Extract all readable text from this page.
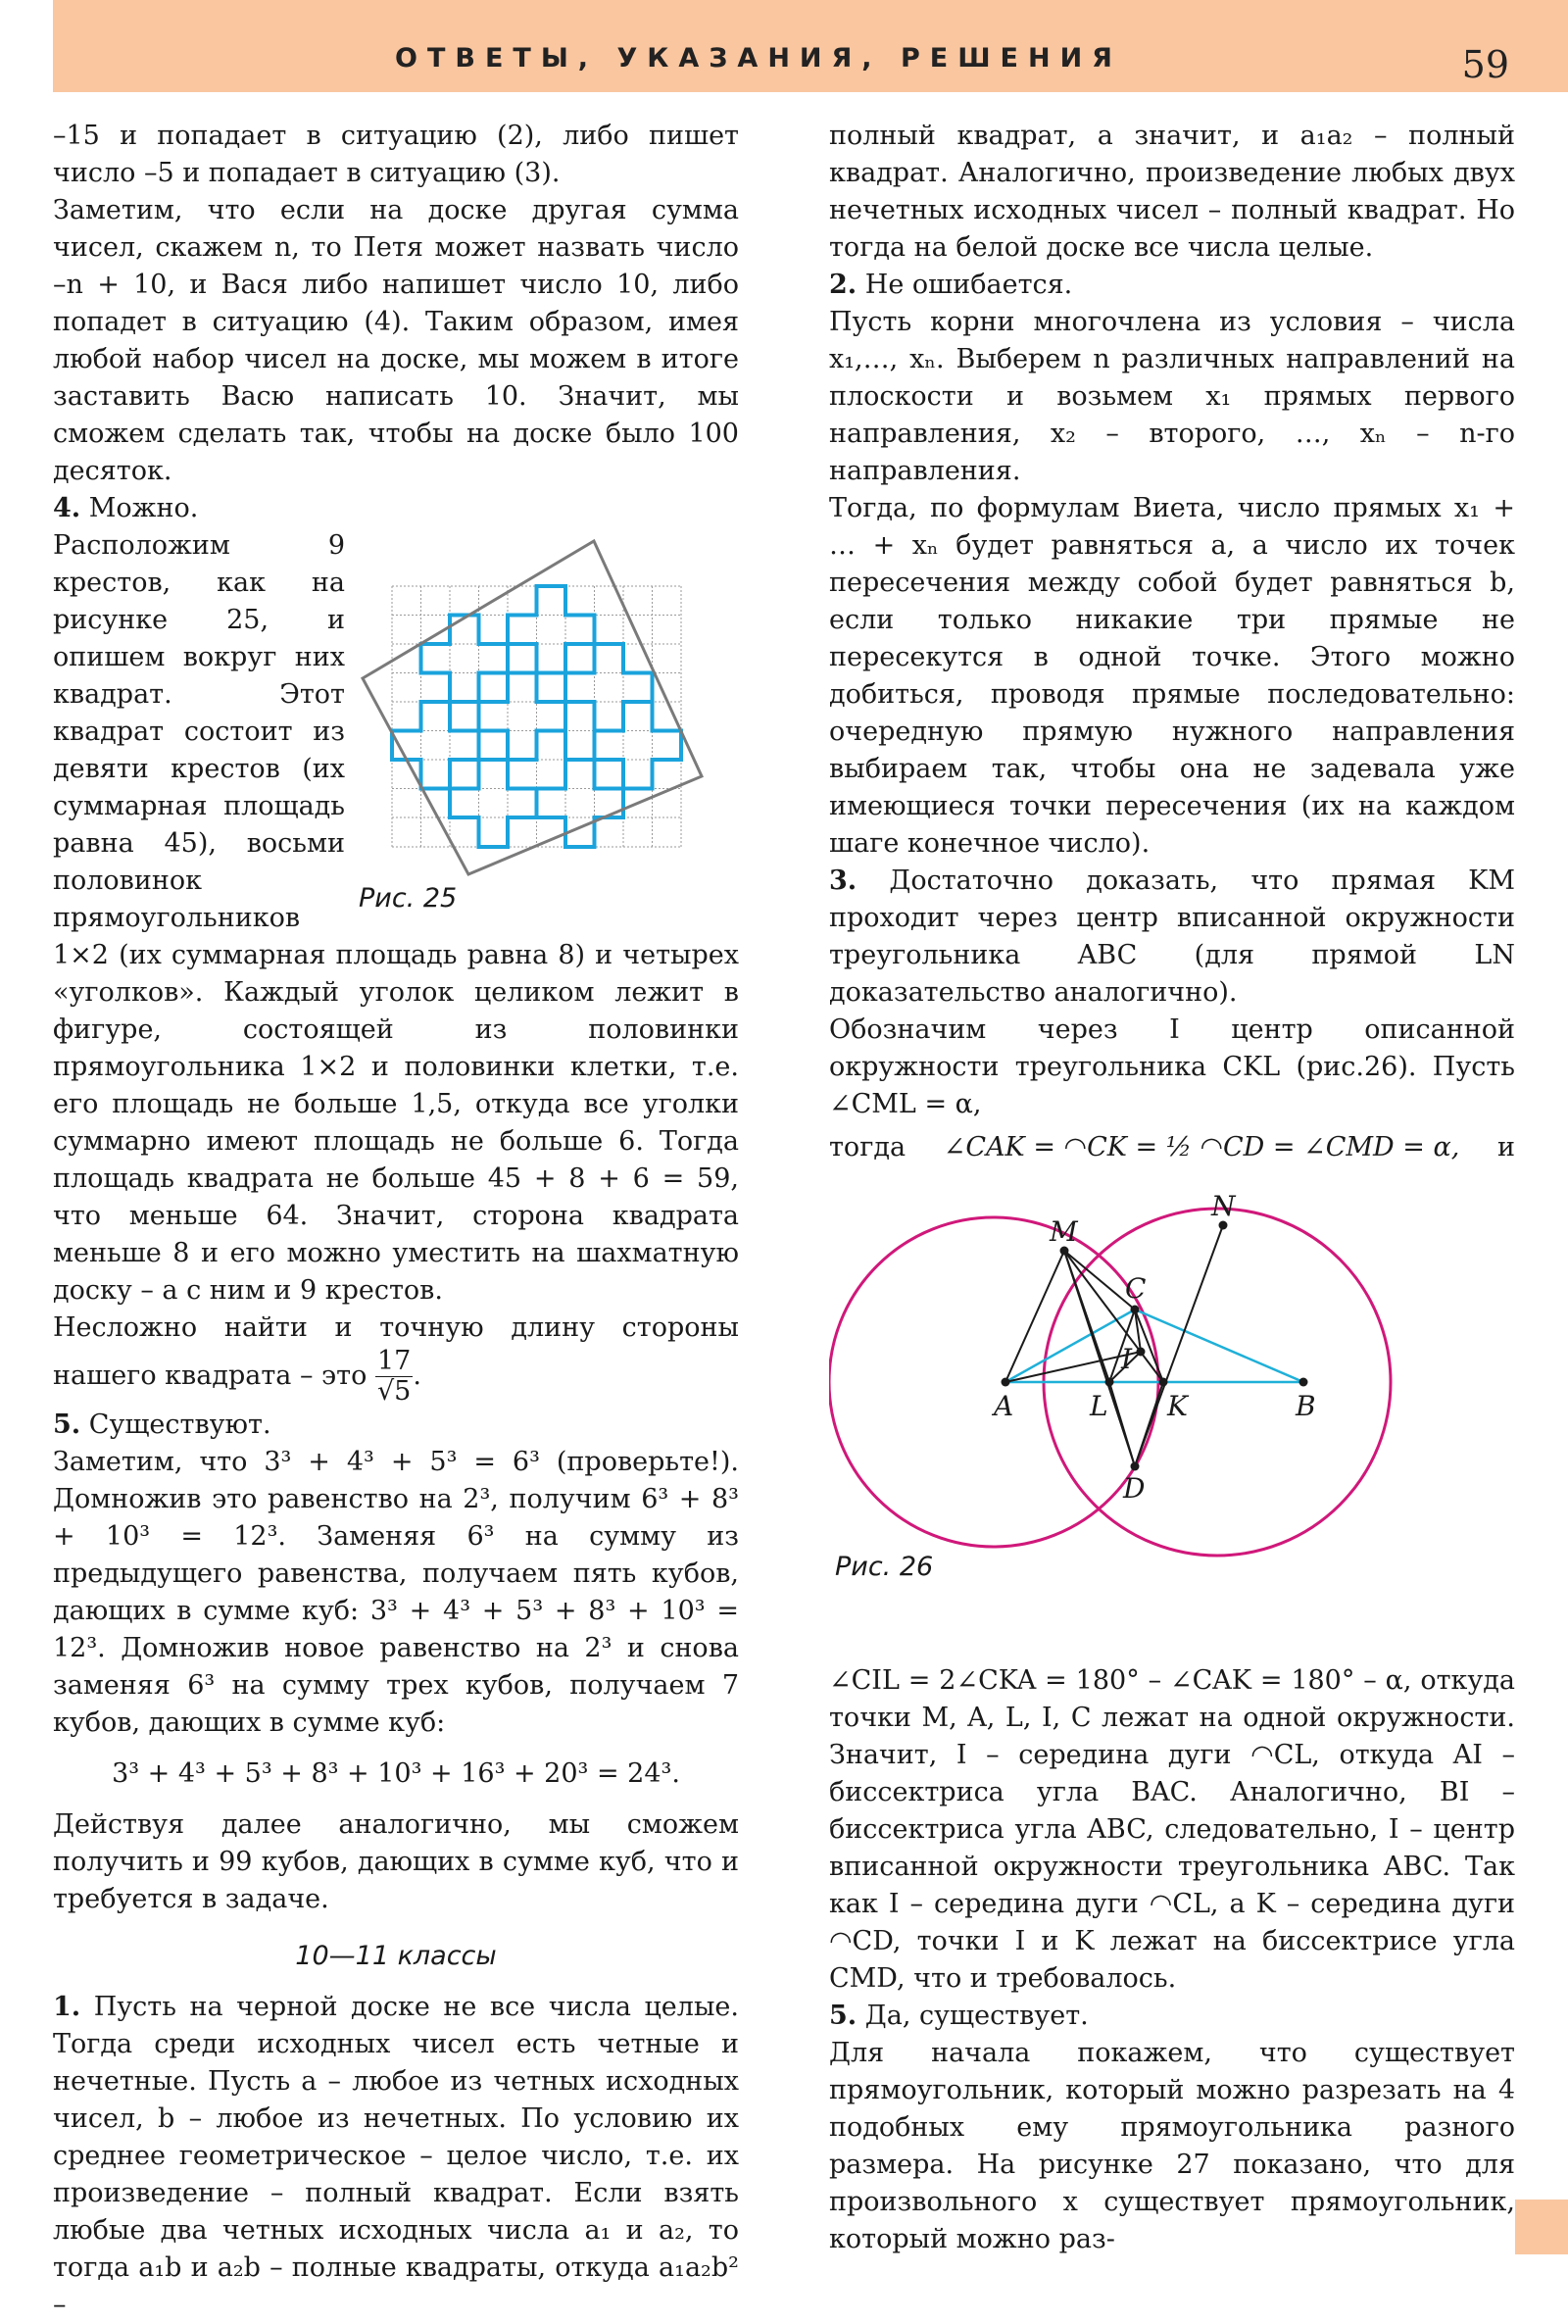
ОТВЕТЫ, УКАЗАНИЯ, РЕШЕНИЯ	59

–15 и попадает в ситуацию (2), либо пишет число –5 и попадает в ситуацию (3).

Заметим, что если на доске другая сумма чисел, скажем n, то Петя может назвать число –n + 10, и Вася либо напишет число 10, либо попадет в ситуацию (4). Таким образом, имея любой набор чисел на доске, мы можем в итоге заставить Васю написать 10. Значит, мы сможем сделать так, чтобы на доске было 100 десяток.

4. Можно.

Рис. 25
Расположим 9 крестов, как на рисунке 25, и опишем вокруг них квадрат. Этот квадрат состоит из девяти крестов (их суммарная площадь равна 45), восьми половинок прямоугольников 1×2 (их суммарная площадь равна 8) и четырех «уголков». Каждый уголок целиком лежит в фигуре, состоящей из половинки прямоугольника 1×2 и половинки клетки, т.е. его площадь не больше 1,5, откуда все уголки суммарно имеют площадь не больше 6. Тогда площадь квадрата не больше 45 + 8 + 6 = 59, что меньше 64. Значит, сторона квадрата меньше 8 и его можно уместить на шахматную доску – а с ним и 9 крестов.

Несложно найти и точную длину стороны нашего квадрата – это $\frac{17}{√5}$ .

5. Существуют.

Заметим, что 3³ + 4³ + 5³ = 6³ (проверьте!). Домножив это равенство на 2³, получим 6³ + 8³ + 10³ = 12³. Заменяя 6³ на сумму из предыдущего равенства, получаем пять кубов, дающих в сумме куб: 3³ + 4³ + 5³ + 8³ + 10³ = 12³. Домножив новое равенство на 2³ и снова заменяя 6³ на сумму трех кубов, получаем 7 кубов, дающих в сумме куб:

3³ + 4³ + 5³ + 8³ + 10³ + 16³ + 20³ = 24³.

Действуя далее аналогично, мы сможем получить и 99 кубов, дающих в сумме куб, что и требуется в задаче.

10—11 классы

1. Пусть на черной доске не все числа целые. Тогда среди исходных чисел есть четные и нечетные. Пусть a – любое из четных исходных чисел, b – любое из нечетных. По условию их среднее геометрическое – целое число, т.е. их произведение – полный квадрат. Если взять любые два четных исходных числа a₁ и a₂, то тогда a₁b и a₂b – полные квадраты, откуда a₁a₂b² –

полный квадрат, а значит, и a₁a₂ – полный квадрат. Аналогично, произведение любых двух нечетных исходных чисел – полный квадрат. Но тогда на белой доске все числа целые.

2. Не ошибается.

Пусть корни многочлена из условия – числа x₁,…, xₙ. Выберем n различных направлений на плоскости и возьмем x₁ прямых первого направления, x₂ – второго, …, xₙ – n-го направления.

Тогда, по формулам Виета, число прямых x₁ + … + xₙ будет равняться a, а число их точек пересечения между собой будет равняться b, если только никакие три прямые не пересекутся в одной точке. Этого можно добиться, проводя прямые последовательно: очередную прямую нужного направления выбираем так, чтобы она не задевала уже имеющиеся точки пересечения (их на каждом шаге конечное число).

3. Достаточно доказать, что прямая KM проходит через центр вписанной окружности треугольника ABC (для прямой LN доказательство аналогично).

Обозначим через I центр описанной окружности треугольника CKL (рис.26). Пусть ∠CML = α,

тогда ∠CAK = ◠CK = ½ ◠CD = ∠CMD = α, и

M
N
C
I
A	L K	B
D
Рис. 26

∠CIL = 2∠CKA = 180° – ∠CAK = 180° – α, откуда точки M, A, L, I, C лежат на одной окружности. Значит, I – середина дуги ◠CL, откуда AI – биссектриса угла BAC. Аналогично, BI – биссектриса угла ABC, следовательно, I – центр вписанной окружности треугольника ABC. Так как I – середина дуги ◠CL, а K – середина дуги ◠CD, точки I и K лежат на биссектрисе угла CMD, что и требовалось.

5. Да, существует.

Для начала покажем, что существует прямоугольник, который можно разрезать на 4 подобных ему прямоугольника разного размера. На рисунке 27 показано, что для произвольного x существует прямоугольник, который можно раз-
